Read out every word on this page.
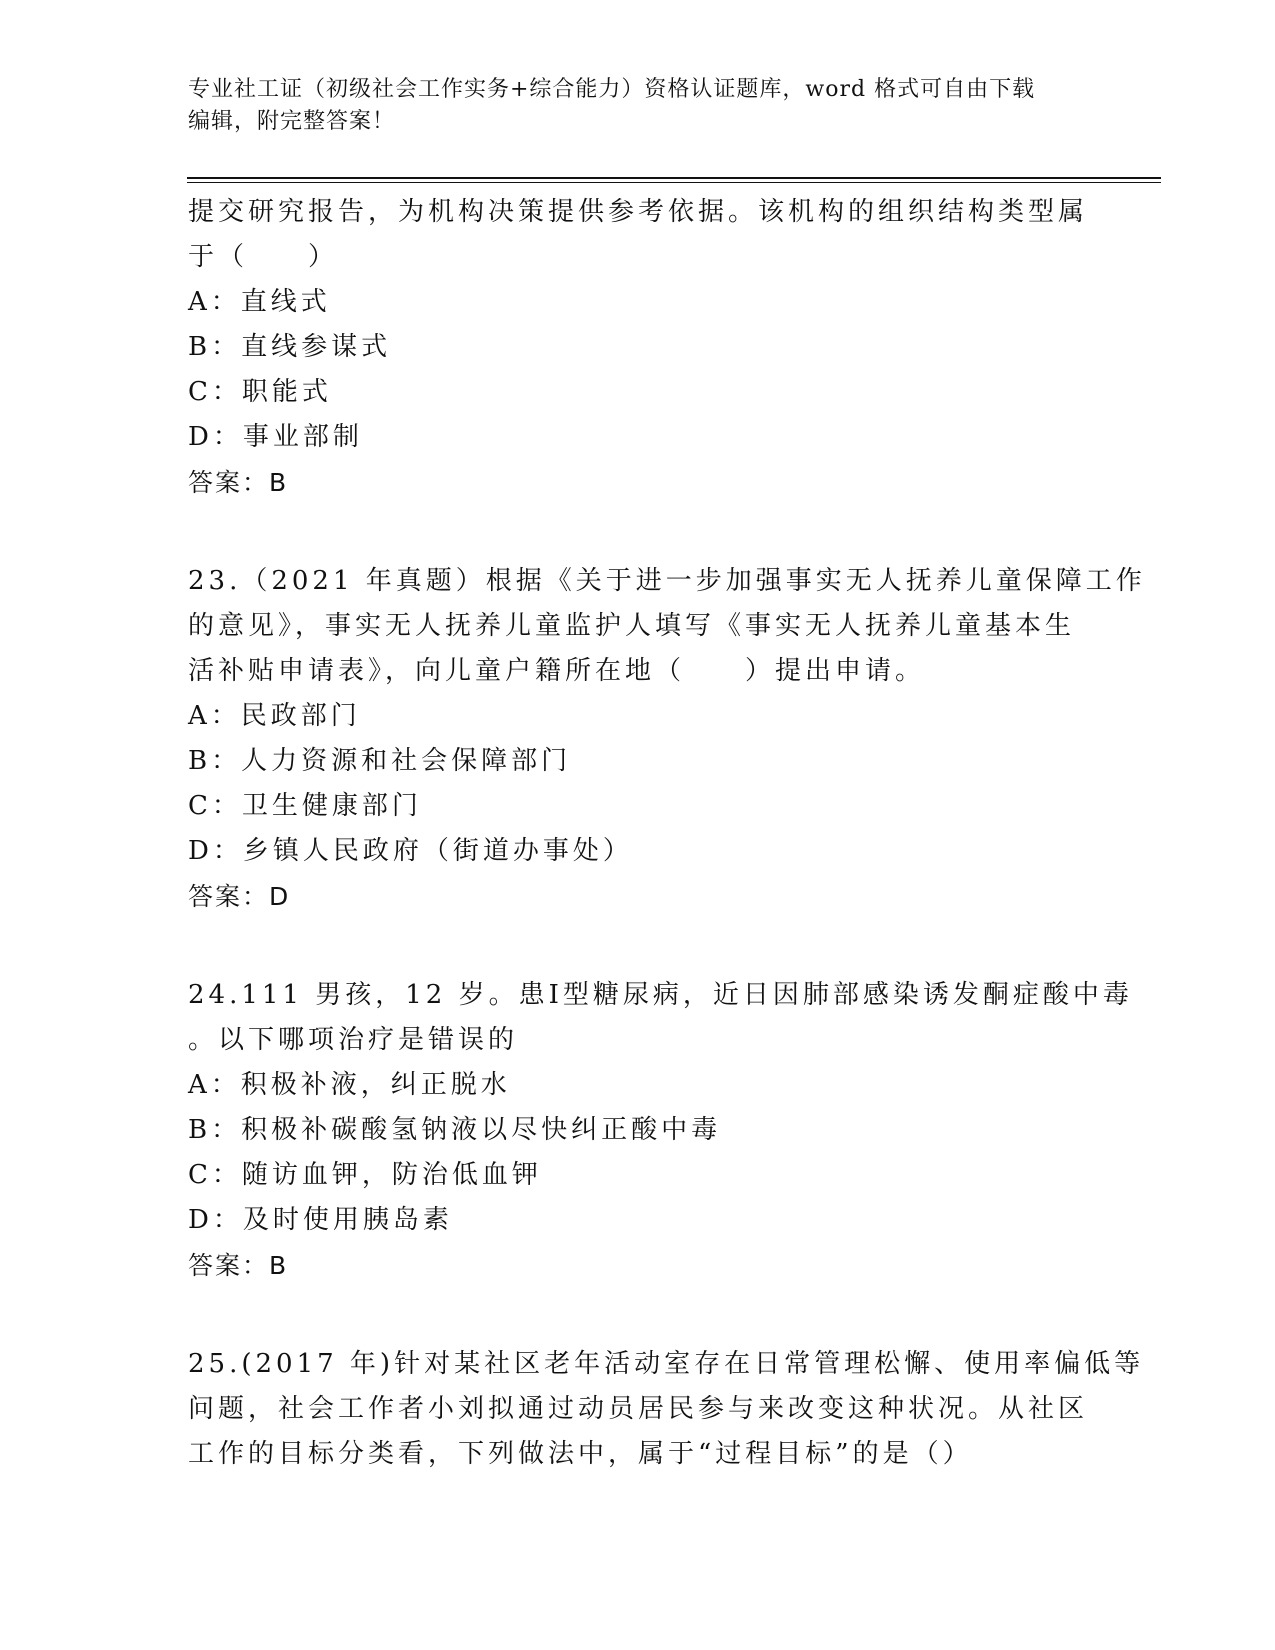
专业社工证（初级社会工作实务+综合能力）资格认证题库，word 格式可自由下载
编辑，附完整答案！
提交研究报告，为机构决策提供参考依据。该机构的组织结构类型属
于（　　）
A：直线式
B：直线参谋式
C：职能式
D：事业部制
答案：B
23.（2021 年真题）根据《关于进一步加强事实无人抚养儿童保障工作
的意见》，事实无人抚养儿童监护人填写《事实无人抚养儿童基本生
活补贴申请表》，向儿童户籍所在地（　　）提出申请。
A：民政部门
B：人力资源和社会保障部门
C：卫生健康部门
D：乡镇人民政府（街道办事处）
答案：D
24.111 男孩，12 岁。患Ⅰ型糖尿病，近日因肺部感染诱发酮症酸中毒
。以下哪项治疗是错误的
A：积极补液，纠正脱水
B：积极补碳酸氢钠液以尽快纠正酸中毒
C：随访血钾，防治低血钾
D：及时使用胰岛素
答案：B
25.(2017 年)针对某社区老年活动室存在日常管理松懈、使用率偏低等
问题，社会工作者小刘拟通过动员居民参与来改变这种状况。从社区
工作的目标分类看，下列做法中，属于“过程目标”的是（）
